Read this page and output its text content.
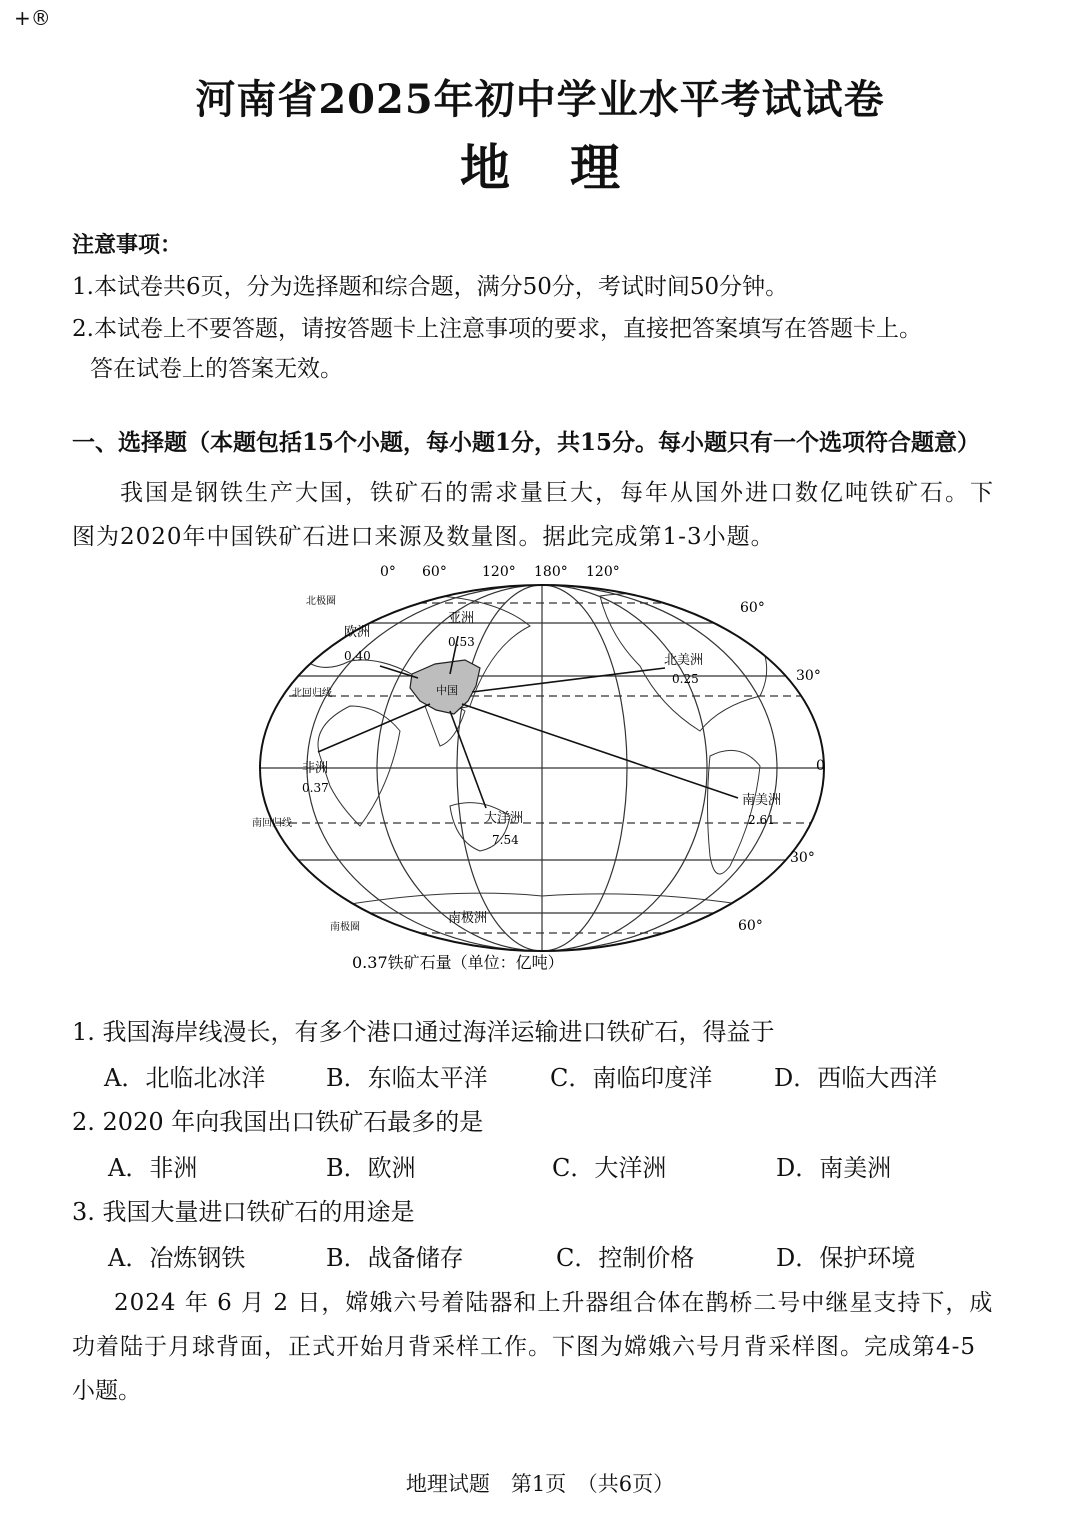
+®
河南省2025年初中学业水平考试试卷
地理
注意事项：
1.本试卷共6页，分为选择题和综合题，满分50分，考试时间50分钟。
2.本试卷上不要答题，请按答题卡上注意事项的要求，直接把答案填写在答题卡上。
答在试卷上的答案无效。
一、选择题（本题包括15个小题，每小题1分，共15分。每小题只有一个选项符合题意）
我国是钢铁生产大国，铁矿石的需求量巨大，每年从国外进口数亿吨铁矿石。下
图为2020年中国铁矿石进口来源及数量图。据此完成第1-3小题。
0° 60°	120° 180° 120°
中国
亚洲
0.53
欧洲
0.40	北美洲
0.25
非洲
0.37
大洋洲
7.54
南美洲
2.61
北极圈
北回归线
南回归线
南极圈
南极洲
60°
30°
0
30°
60°
0.37铁矿石量（单位：亿吨）
1. 我国海岸线漫长，有多个港口通过海洋运输进口铁矿石，得益于
A．北临北冰洋	B．东临太平洋	C．南临印度洋	D．西临大西洋
2. 2020 年向我国出口铁矿石最多的是
A．非洲	B．欧洲	C．大洋洲	D．南美洲
3. 我国大量进口铁矿石的用途是
A．冶炼钢铁	B．战备储存	C．控制价格	D．保护环境
2024 年 6 月 2 日，嫦娥六号着陆器和上升器组合体在鹊桥二号中继星支持下，成
功着陆于月球背面，正式开始月背采样工作。下图为嫦娥六号月背采样图。完成第4-5
小题。
地理试题　第1页　（共6页）
